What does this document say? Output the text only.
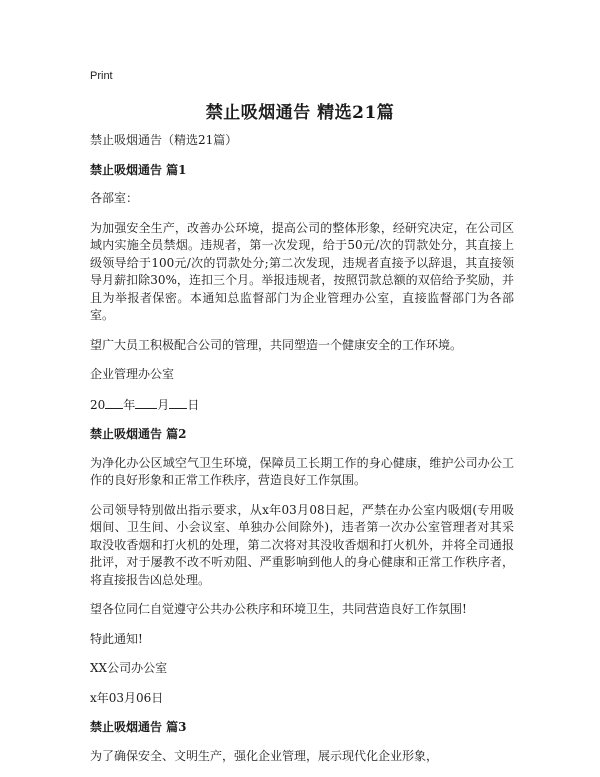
Print
禁止吸烟通告 精选21篇

禁止吸烟通告（精选21篇）

禁止吸烟通告 篇1

各部室：

为加强安全生产，改善办公环境，提高公司的整体形象，经研究决定，在公司区域内实施全员禁烟。违规者，第一次发现，给于50元/次的罚款处分，其直接上级领导给于100元/次的罚款处分;第二次发现，违规者直接予以辞退，其直接领导月薪扣除30%，连扣三个月。举报违规者，按照罚款总额的双倍给予奖励，并且为举报者保密。本通知总监督部门为企业管理办公室，直接监督部门为各部室。

望广大员工积极配合公司的管理，共同塑造一个健康安全的工作环境。

企业管理办公室

20 年 月 日

禁止吸烟通告 篇2

为净化办公区域空气卫生环境，保障员工长期工作的身心健康，维护公司办公工作的良好形象和正常工作秩序，营造良好工作氛围。

公司领导特别做出指示要求，从x年03月08日起，严禁在办公室内吸烟(专用吸烟间、卫生间、小会议室、单独办公间除外)，违者第一次办公室管理者对其采取没收香烟和打火机的处理，第二次将对其没收香烟和打火机外，并将全司通报批评，对于屡教不改不听劝阻、严重影响到他人的身心健康和正常工作秩序者，将直接报告凶总处理。

望各位同仁自觉遵守公共办公秩序和环境卫生，共同营造良好工作氛围!

特此通知!

XX公司办公室

x年03月06日

禁止吸烟通告 篇3

为了确保安全、文明生产，强化企业管理，展示现代化企业形象，
